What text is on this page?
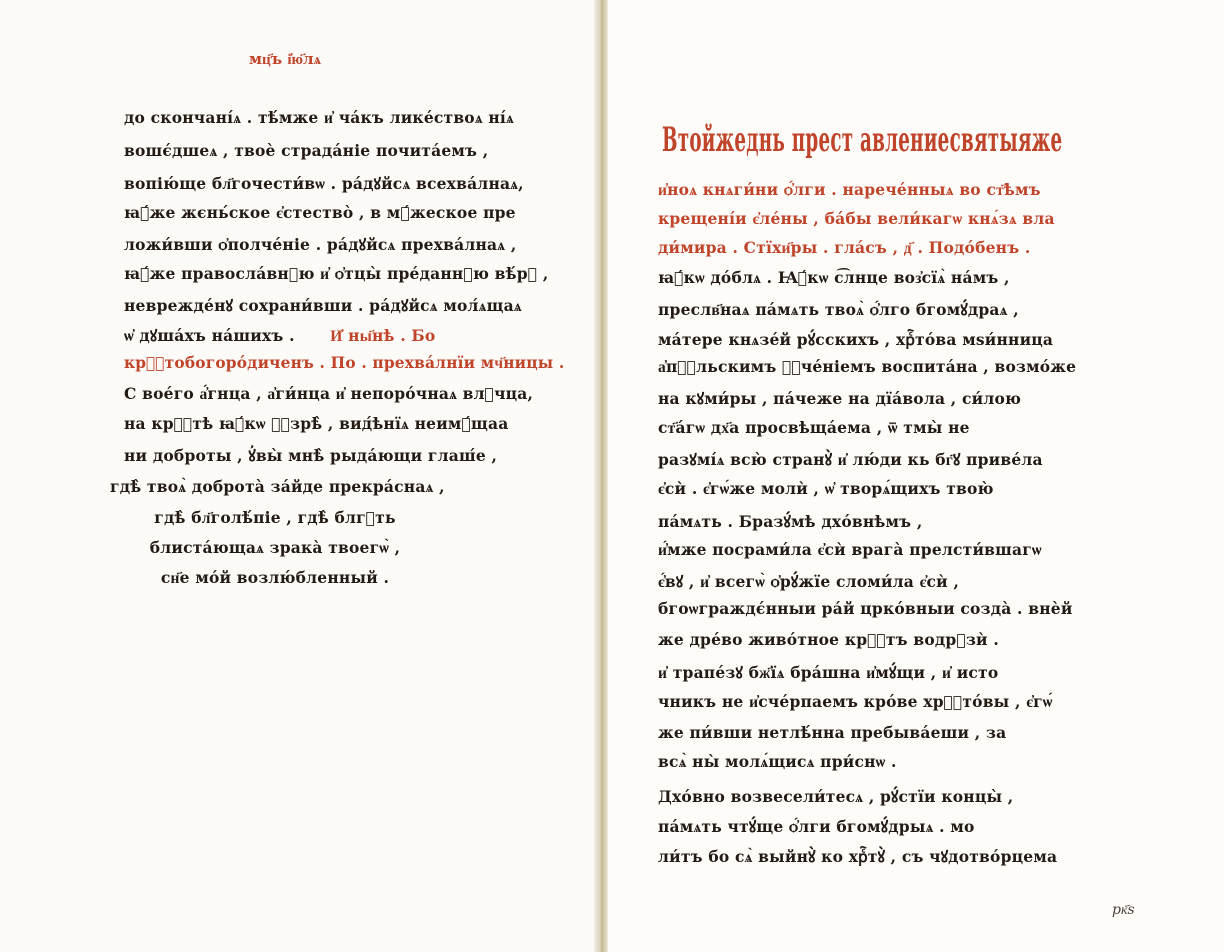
мц҃ъ і҆ю҃лѧ
до скончані́ѧ . тѣ́мже и҆ ча́къ лике́ствоѧ ні́ѧ
вошє́дшеѧ , твоѐ страда́ніе почита́емъ ,
вопію́ще бл҃гочести́вѡ . ра́дꙋйсѧ всехва́лнаѧ,
ꙗ҆́же жєнь́ское є҆стество̀ , в мꙋ́жеское пре
ложи́вши ѻ҆полче́ніе . ра́дꙋйсѧ прехва́лнаѧ ,
ꙗ҆́же правосла́внꙋю и҆ ѻ҆тцы̀ пре́даннꙋю вѣ́рꙋ ,
неврежде́нꙋ сохрани́вши . ра́дꙋйсѧ мол́ѧщаѧ
ѡ҆ дꙋша́хъ на́шихъ . И҆ ны҃нѣ . Бо
крⷭ҇тобогоро́диченъ . По . прехва́лнїи мч҃ницы .
С вое́го а҆́гнца , а҆ги́нца и҆ непоро́чнаѧ влⷣчца,
на крⷭ҇тѣ ꙗ҆́кѡ ꙋ҆зрѣ̀ , вид́ѣнїѧ неимꙋ́щаа
ни доброты , ꙋ҆вы̀ мнѣ̀ рыда́ющи глаш́е ,
гдѣ̀ твоѧ̀ доброта̀ за́йде прекра́снаѧ ,
гдѣ̀ бл҃голѣ́піе , гдѣ̀ блгⷣть
блиста́ющаѧ зрака̀ твоегѡ̀ ,
сн҃е мо́й возлю́бленный .
Втойжеднь прест авлениесвятыяже
и҆ноѧ кнѧги́ни ѻ҆́лги . нарече́нныѧ во ст҃ѣмъ
крещені́и є҆ле́ны , ба́бы вели́кагѡ кнѧ́зѧ вла
ди́мира . Стїхи҃ры . гла́съ , д҃ . Подо́бенъ .
ꙗ҆́кѡ до́блѧ . Ꙗ҆́кѡ с͡лнце воз҆сїѧ̀ на́мъ ,
преслв҃наѧ па́мѧть твоѧ̀ ѻ҆́лго бгомꙋ́драѧ ,
ма́тере кнѧзе́й рꙋ́сскихъ , хрⷭ҇то́ва мѕи́нница
а҆пⷭ҇льскимъ ꙋ҆че́ніемъ воспита́на , возмо́же
на кꙋми́ры , па́чеже на дїа́вола , си́лою
ст҃а́гѡ дх҃а просвѣща́ема , ѿ тмы̀ не
разꙋмі́ѧ всю̀ странꙋ̀ и҆ лю́ди кь бг҃ꙋ приве́ла
є҆сѝ . є҆гѡ́же молѝ , ѡ҆ творѧ́щихъ твою̀
па́мѧть . Бразꙋ́мѣ дхо́внѣмъ ,
и҆́мже посрами́ла є҆сѝ врага̀ прелсти́вшагѡ
є҆́вꙋ , и҆ всегѡ̀ ѻ҆рꙋ́жїе сломи́ла є҆сѝ ,
бгоѡграждє́нныи ра́й црко́вныи созда̀ . внѐй
же дре́во живо́тное крⷭ҇тъ водрꙋзѝ .
и҆ трапе́зꙋ бж҃їѧ бра́шна и҆мꙋ́щи , и҆ исто
чникъ не и҆сче́рпаемъ кро́ве хрⷭ҇то́вы , є҆гѡ́
же пи́вши нетлѣ́нна пребыва́еши , за
всѧ̀ ны̀ молѧ́щисѧ при́снѡ .
Дхо́вно возвесели́тесѧ , рꙋ́стїи концы̀ ,
па́мѧть чтꙋ́ще ѻ҆́лги бгомꙋ́дрыѧ . мо
ли́тъ бо сѧ̀ выйнꙋ̀ ко хрⷭ҇тꙋ̀ , съ чꙋдотво́рцема
рк҃ѕ
